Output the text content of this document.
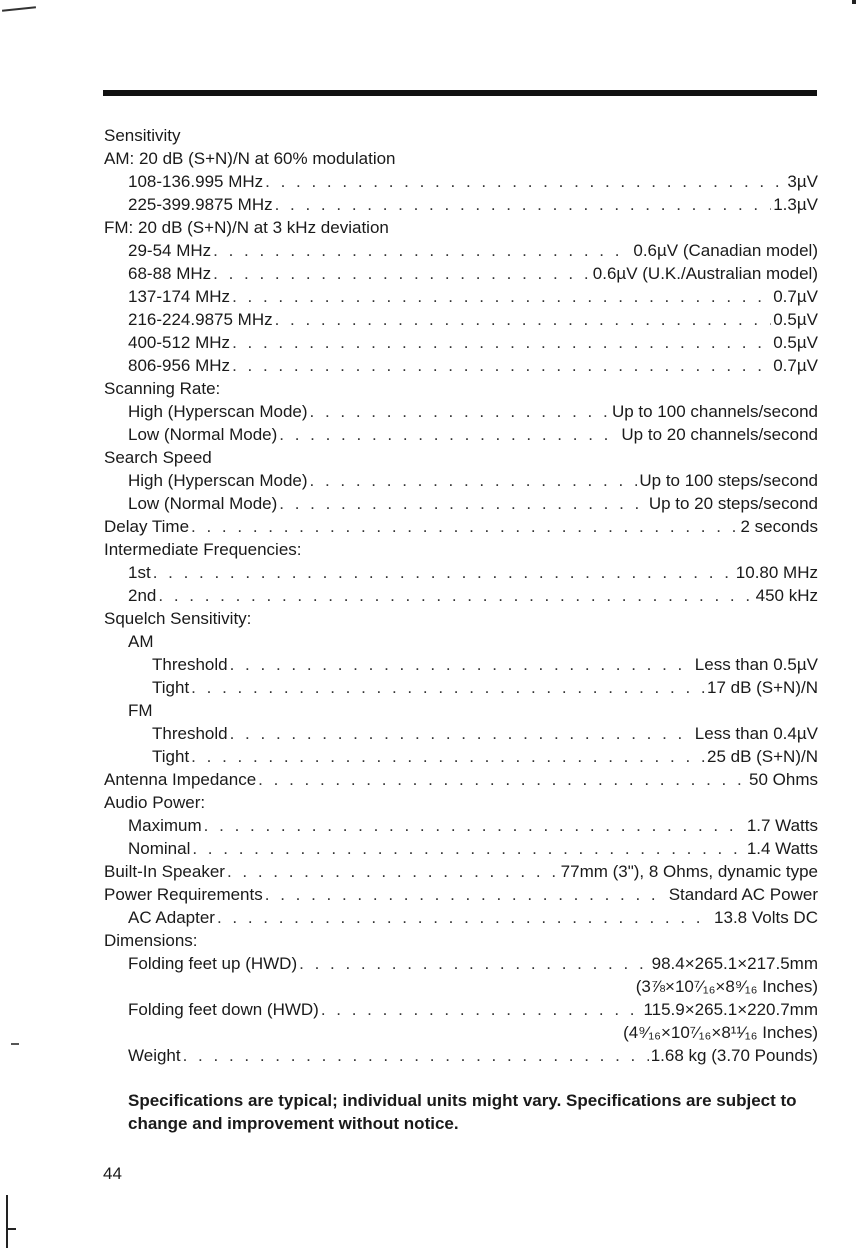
Sensitivity
AM: 20 dB (S+N)/N at 60% modulation
108-136.995 MHz . . .	3µV
225-399.9875 MHz . . .	1.3µV
FM: 20 dB (S+N)/N at 3 kHz deviation
29-54 MHz . . .	0.6µV (Canadian model)
68-88 MHz . . .	0.6µV (U.K./Australian model)
137-174 MHz . . .	0.7µV
216-224.9875 MHz . . .	0.5µV
400-512 MHz . . .	0.5µV
806-956 MHz . . .	0.7µV
Scanning Rate:
High (Hyperscan Mode) . . .	Up to 100 channels/second
Low (Normal Mode) . . .	Up to 20 channels/second
Search Speed
High (Hyperscan Mode) . . .	Up to 100 steps/second
Low (Normal Mode) . . .	Up to 20 steps/second
Delay Time . . .	2 seconds
Intermediate Frequencies:
1st . . .	10.80 MHz
2nd . . .	450 kHz
Squelch Sensitivity:
AM
Threshold . . .	Less than 0.5µV
Tight . . .	17 dB (S+N)/N
FM
Threshold . . .	Less than 0.4µV
Tight . . .	25 dB (S+N)/N
Antenna Impedance . . .	50 Ohms
Audio Power:
Maximum . . .	1.7 Watts
Nominal . . .	1.4 Watts
Built-In Speaker . . .	77mm (3"), 8 Ohms, dynamic type
Power Requirements . . .	Standard AC Power
AC Adapter . . .	13.8 Volts DC
Dimensions:
Folding feet up (HWD) . . .	98.4×265.1×217.5mm
(3⅞×10⁷⁄₁₆×8⁹⁄₁₆ Inches)
Folding feet down (HWD) . . .	115.9×265.1×220.7mm
(4⁹⁄₁₆×10⁷⁄₁₆×8¹¹⁄₁₆ Inches)
Weight . . .	1.68 kg (3.70 Pounds)
Specifications are typical; individual units might vary. Specifications are subject to change and improvement without notice.
44
